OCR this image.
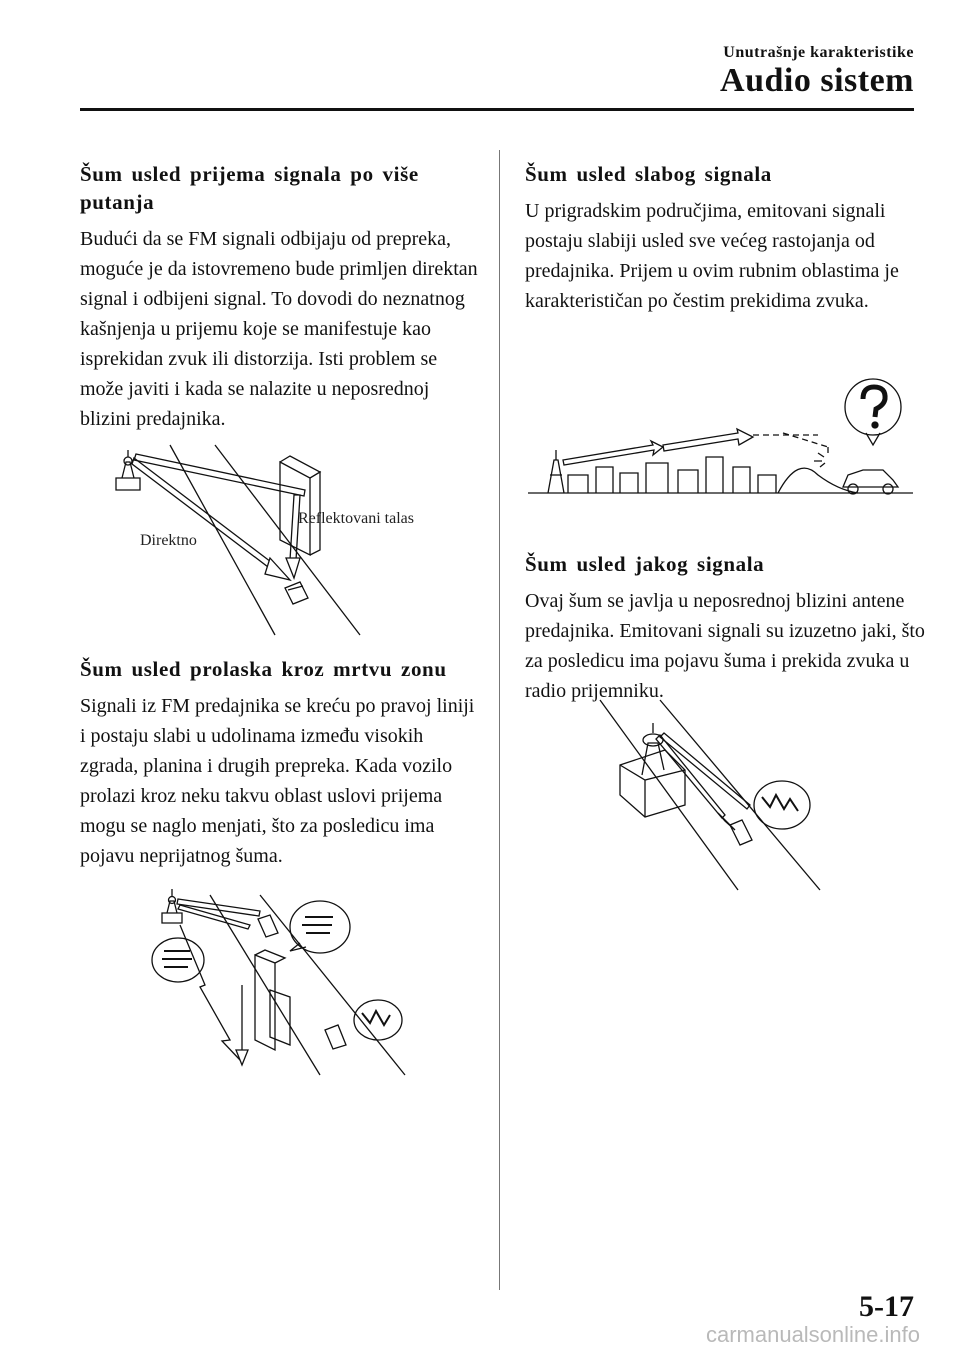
Unutrašnje karakteristike
Audio sistem
Šum usled prijema signala po više putanja

Budući da se FM signali odbijaju od prepreka, moguće je da istovremeno bude primljen direktan signal i odbijeni signal. To dovodi do neznatnog kašnjenja u prijemu koje se manifestuje kao isprekidan zvuk ili distorzija. Isti problem se može javiti i kada se nalazite u neposrednoj blizini predajnika.

Direktno
Reflektovani talas
Šum usled prolaska kroz mrtvu zonu

Signali iz FM predajnika se kreću po pravoj liniji i postaju slabi u udolinama između visokih zgrada, planina i drugih prepreka. Kada vozilo prolazi kroz neku takvu oblast uslovi prijema mogu se naglo menjati, što za posledicu ima pojavu neprijatnog šuma.

Šum usled slabog signala

U prigradskim područjima, emitovani signali postaju slabiji usled sve većeg rastojanja od predajnika. Prijem u ovim rubnim oblastima je karakterističan po čestim prekidima zvuka.

Šum usled jakog signala

Ovaj šum se javlja u neposrednoj blizini antene predajnika. Emitovani signali su izuzetno jaki, što za posledicu ima pojavu šuma i prekida zvuka u radio prijemniku.

5-17
carmanualsonline.info
